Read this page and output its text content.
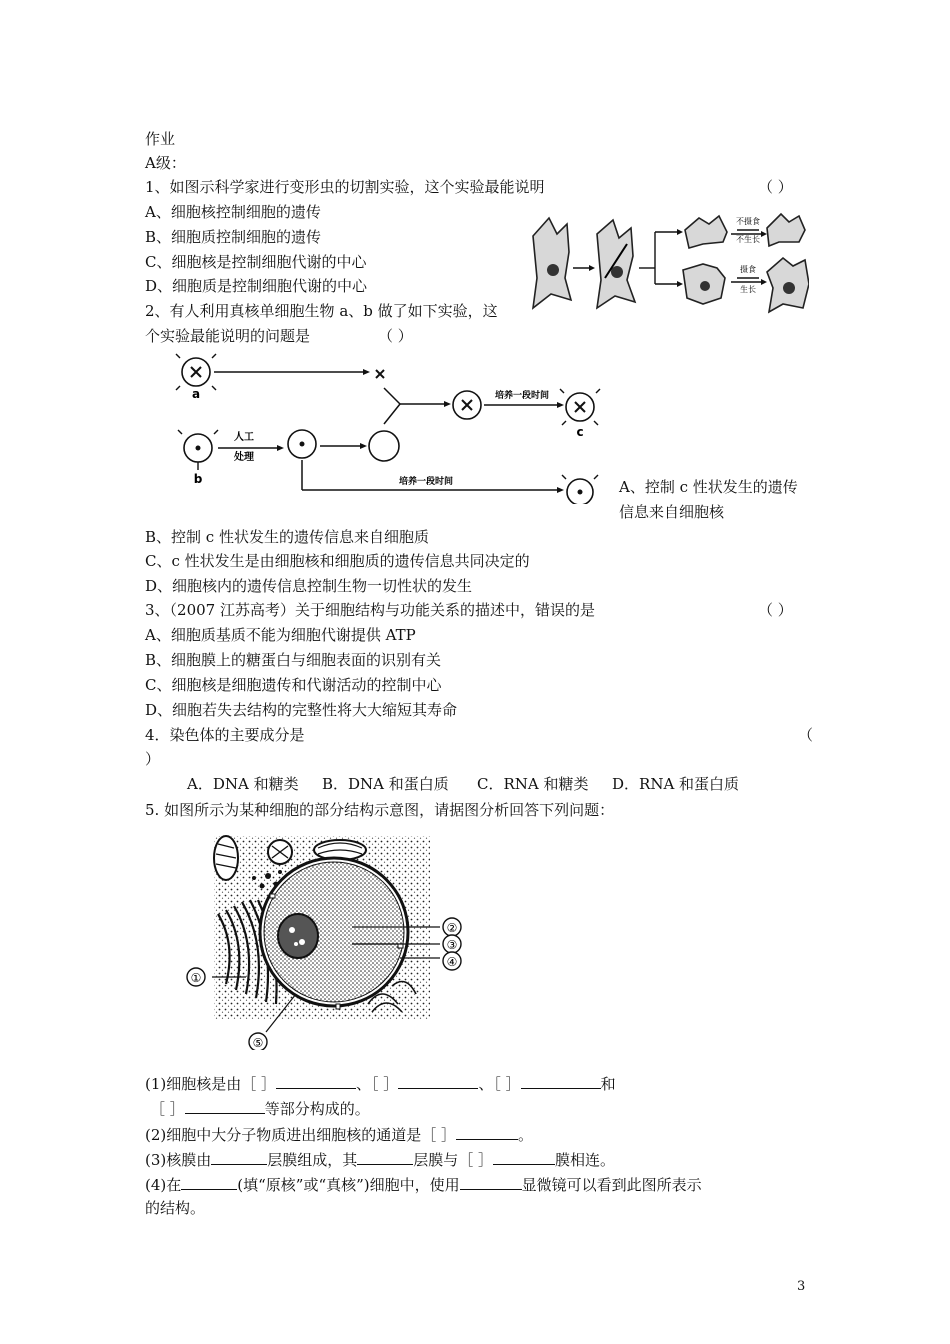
作业
A级：
1、如图示科学家进行变形虫的切割实验，这个实验最能说明	（ ）
A、细胞核控制细胞的遗传
B、细胞质控制细胞的遗传
C、细胞核是控制细胞代谢的中心
D、细胞质是控制细胞代谢的中心
不摄食
不生长
摄食
生长
2、有人利用真核单细胞生物 a、b 做了如下实验，这
个实验最能说明的问题是	（ ）
a
b
c
人工
处理
培养一段时间
培养一段时间	A、控制 c 性状发生的遗传
信息来自细胞核
B、控制 c 性状发生的遗传信息来自细胞质
C、c 性状发生是由细胞核和细胞质的遗传信息共同决定的
D、细胞核内的遗传信息控制生物一切性状的发生
3、（2007 江苏高考）关于细胞结构与功能关系的描述中，错误的是	（ ）
A、细胞质基质不能为细胞代谢提供 ATP
B、细胞膜上的糖蛋白与细胞表面的识别有关
C、细胞核是细胞遗传和代谢活动的控制中心
D、细胞若失去结构的完整性将大大缩短其寿命
4．染色体的主要成分是	（
）
A．DNA 和糖类 B．DNA 和蛋白质 C．RNA 和糖类 D．RNA 和蛋白质
5. 如图所示为某种细胞的部分结构示意图，请据图分析回答下列问题：
①
②
③
④
⑤
(1)细胞核是由［ ］	、［ ］	、［ ］	和
［ ］	等部分构成的。
(2)细胞中大分子物质进出细胞核的通道是［ ］	。
(3)核膜由	层膜组成，其	层膜与［ ］	膜相连。
(4)在	(填“原核”或“真核”)细胞中，使用	显微镜可以看到此图所表示
的结构。
3
